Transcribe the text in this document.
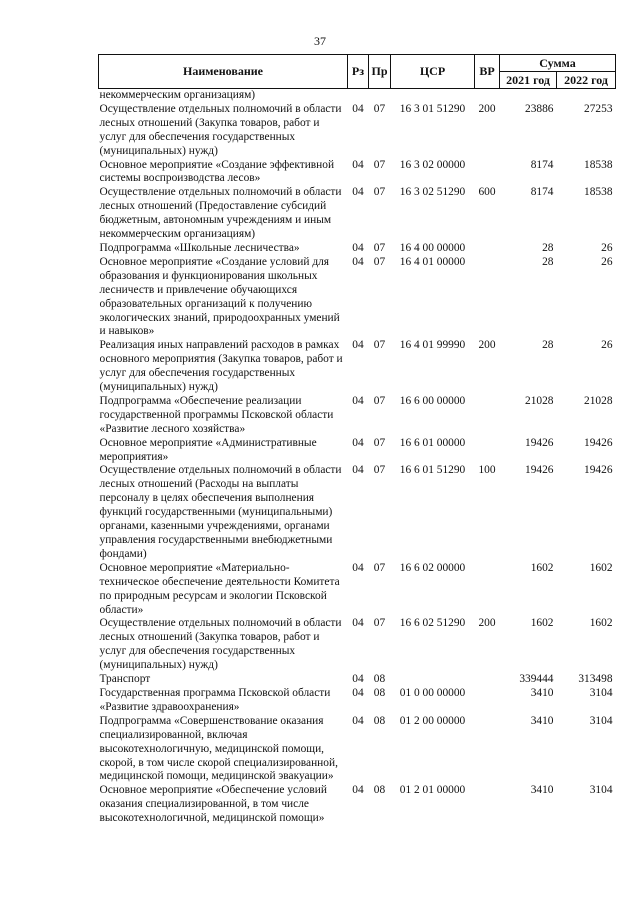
37
Наименование	Рз	Пр	ЦСР	ВР	Сумма	
					2021 год	2022 год
некоммерческим организациям)						
Осуществление отдельных полномочий в области лесных отношений (Закупка товаров, работ и услуг для обеспечения государственных (муниципальных) нужд)	04	07	16 3 01 51290	200	23886	27253
Основное мероприятие «Создание эффективной системы воспроизводства лесов»	04	07	16 3 02 00000		8174	18538
Осуществление отдельных полномочий в области лесных отношений (Предоставление субсидий бюджетным, автономным учреждениям и иным некоммерческим организациям)	04	07	16 3 02 51290	600	8174	18538
Подпрограмма «Школьные лесничества»	04	07	16 4 00 00000		28	26
Основное мероприятие «Создание условий для образования и функционирования школьных лесничеств и привлечение обучающихся образовательных организаций к получению экологических знаний, природоохранных умений и навыков»	04	07	16 4 01 00000		28	26
Реализация иных направлений расходов в рамках основного мероприятия (Закупка товаров, работ и услуг для обеспечения государственных (муниципальных) нужд)	04	07	16 4 01 99990	200	28	26
Подпрограмма «Обеспечение реализации государственной программы Псковской области «Развитие лесного хозяйства»	04	07	16 6 00 00000		21028	21028
Основное мероприятие «Административные мероприятия»	04	07	16 6 01 00000		19426	19426
Осуществление отдельных полномочий в области лесных отношений (Расходы на выплаты персоналу в целях обеспечения выполнения функций государственными (муниципальными) органами, казенными учреждениями, органами управления государственными внебюджетными фондами)	04	07	16 6 01 51290	100	19426	19426
Основное мероприятие «Материально-техническое обеспечение деятельности Комитета по природным ресурсам и экологии Псковской области»	04	07	16 6 02 00000		1602	1602
Осуществление отдельных полномочий в области лесных отношений (Закупка товаров, работ и услуг для обеспечения государственных (муниципальных) нужд)	04	07	16 6 02 51290	200	1602	1602
Транспорт	04	08			339444	313498
Государственная программа Псковской области «Развитие здравоохранения»	04	08	01 0 00 00000		3410	3104
Подпрограмма «Совершенствование оказания специализированной, включая высокотехнологичную, медицинской помощи, скорой, в том числе скорой специализированной, медицинской помощи, медицинской эвакуации»	04	08	01 2 00 00000		3410	3104
Основное мероприятие «Обеспечение условий оказания специализированной, в том числе высокотехнологичной, медицинской помощи»	04	08	01 2 01 00000		3410	3104
